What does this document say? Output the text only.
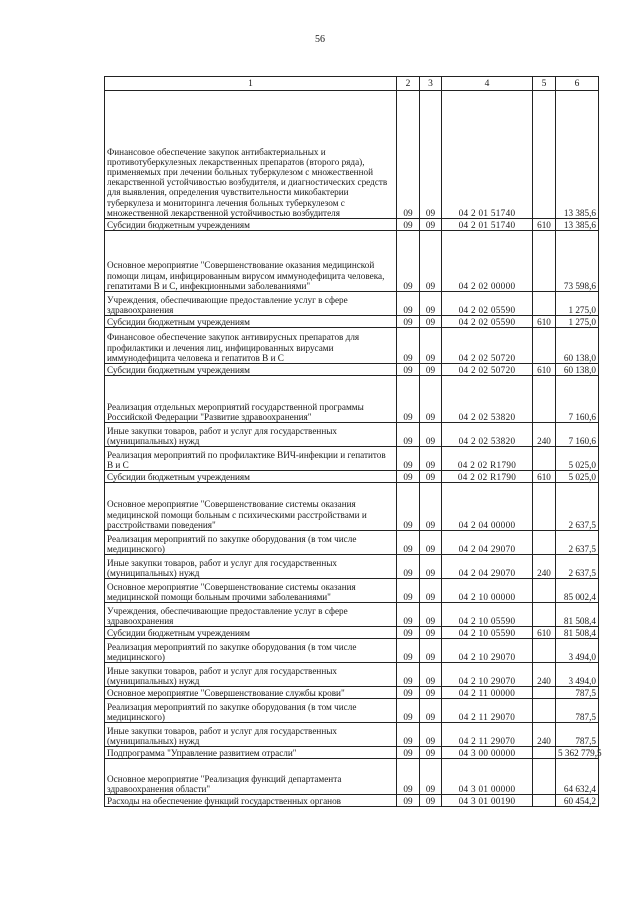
56
1	2	3	4	5	6

Финансовое обеспечение закупок антибактериальных и противотуберкулезных лекарственных препаратов (второго ряда), применяемых при лечении больных туберкулезом с множественной лекарственной устойчивостью возбудителя, и диагностических средств для выявления, определения чувствительности микобактерии туберкулеза и мониторинга лечения больных туберкулезом с множественной лекарственной устойчивостью возбудителя	09	09	04 2 01 51740		13 385,6

Субсидии бюджетным учреждениям	09	09	04 2 01 51740	610	13 385,6

Основное мероприятие "Совершенствование оказания медицинской помощи лицам, инфицированным вирусом иммунодефицита человека, гепатитами В и С, инфекционными заболеваниями"	09	09	04 2 02 00000		73 598,6

Учреждения, обеспечивающие предоставление услуг в сфере здравоохранения	09	09	04 2 02 05590		1 275,0

Субсидии бюджетным учреждениям	09	09	04 2 02 05590	610	1 275,0

Финансовое обеспечение закупок антивирусных препаратов для профилактики и лечения лиц, инфицированных вирусами иммунодефицита человека и гепатитов В и С	09	09	04 2 02 50720		60 138,0

Субсидии бюджетным учреждениям	09	09	04 2 02 50720	610	60 138,0

Реализация отдельных мероприятий государственной программы Российской Федерации "Развитие здравоохранения"	09	09	04 2 02 53820		7 160,6

Иные закупки товаров, работ и услуг для государственных (муниципальных) нужд	09	09	04 2 02 53820	240	7 160,6

Реализация мероприятий по профилактике ВИЧ-инфекции и гепатитов В и С	09	09	04 2 02 R1790		5 025,0

Субсидии бюджетным учреждениям	09	09	04 2 02 R1790	610	5 025,0

Основное мероприятие "Совершенствование системы оказания медицинской помощи больным с психическими расстройствами и расстройствами поведения"	09	09	04 2 04 00000		2 637,5

Реализация мероприятий по закупке оборудования (в том числе медицинского)	09	09	04 2 04 29070		2 637,5

Иные закупки товаров, работ и услуг для государственных (муниципальных) нужд	09	09	04 2 04 29070	240	2 637,5

Основное мероприятие "Совершенствование системы оказания медицинской помощи больным прочими заболеваниями"	09	09	04 2 10 00000		85 002,4

Учреждения, обеспечивающие предоставление услуг в сфере здравоохранения	09	09	04 2 10 05590		81 508,4

Субсидии бюджетным учреждениям	09	09	04 2 10 05590	610	81 508,4

Реализация мероприятий по закупке оборудования (в том числе медицинского)	09	09	04 2 10 29070		3 494,0

Иные закупки товаров, работ и услуг для государственных (муниципальных) нужд	09	09	04 2 10 29070	240	3 494,0

Основное мероприятие "Совершенствование службы крови"	09	09	04 2 11 00000		787,5

Реализация мероприятий по закупке оборудования (в том числе медицинского)	09	09	04 2 11 29070		787,5

Иные закупки товаров, работ и услуг для государственных (муниципальных) нужд	09	09	04 2 11 29070	240	787,5

Подпрограмма "Управление развитием отрасли"	09	09	04 3 00 00000		5 362 779,5

Основное мероприятие "Реализация функций департамента здравоохранения области"	09	09	04 3 01 00000		64 632,4

Расходы на обеспечение функций государственных органов	09	09	04 3 01 00190		60 454,2
